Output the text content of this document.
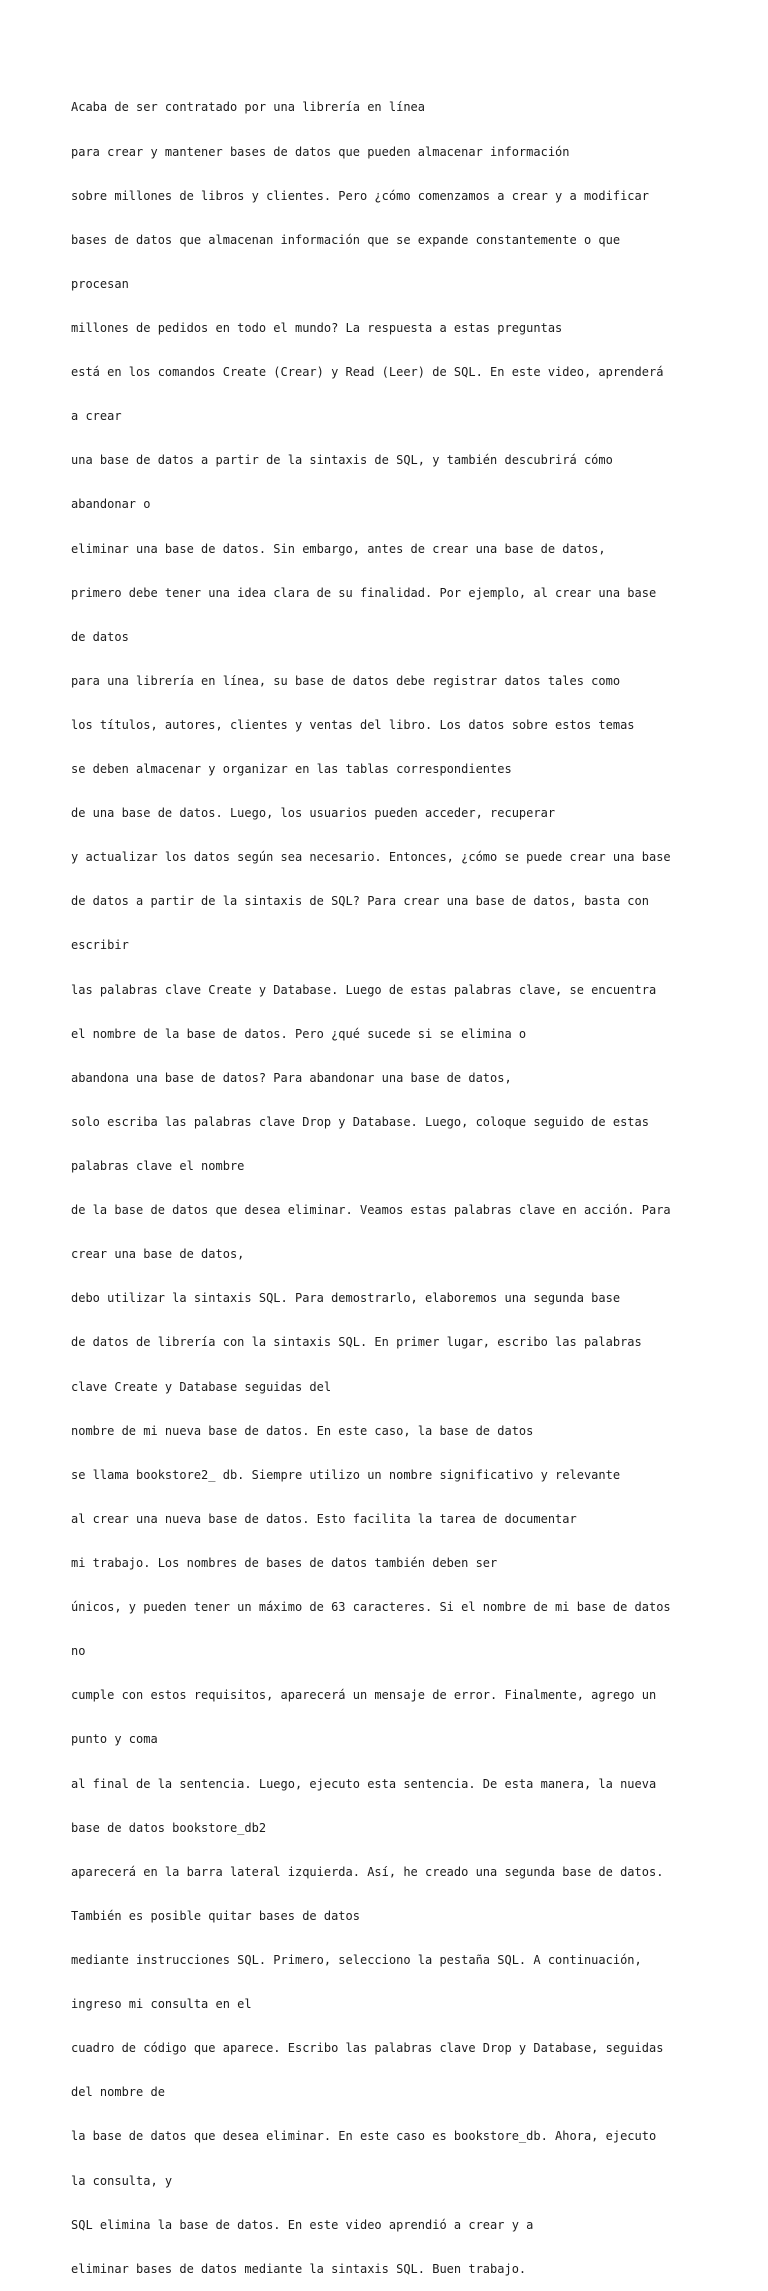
Acaba de ser contratado por una librería en línea

para crear y mantener bases de datos que pueden almacenar información

sobre millones de libros y clientes. Pero ¿cómo comenzamos a crear y a modificar

bases de datos que almacenan información que se expande constantemente o que

procesan

millones de pedidos en todo el mundo? La respuesta a estas preguntas

está en los comandos Create (Crear) y Read (Leer) de SQL. En este video, aprenderá

a crear

una base de datos a partir de la sintaxis de SQL, y también descubrirá cómo

abandonar o

eliminar una base de datos. Sin embargo, antes de crear una base de datos,

primero debe tener una idea clara de su finalidad. Por ejemplo, al crear una base

de datos

para una librería en línea, su base de datos debe registrar datos tales como

los títulos, autores, clientes y ventas del libro. Los datos sobre estos temas

se deben almacenar y organizar en las tablas correspondientes

de una base de datos. Luego, los usuarios pueden acceder, recuperar

y actualizar los datos según sea necesario. Entonces, ¿cómo se puede crear una base

de datos a partir de la sintaxis de SQL? Para crear una base de datos, basta con

escribir

las palabras clave Create y Database. Luego de estas palabras clave, se encuentra

el nombre de la base de datos. Pero ¿qué sucede si se elimina o

abandona una base de datos? Para abandonar una base de datos,

solo escriba las palabras clave Drop y Database. Luego, coloque seguido de estas

palabras clave el nombre

de la base de datos que desea eliminar. Veamos estas palabras clave en acción. Para

crear una base de datos,

debo utilizar la sintaxis SQL. Para demostrarlo, elaboremos una segunda base

de datos de librería con la sintaxis SQL. En primer lugar, escribo las palabras

clave Create y Database seguidas del

nombre de mi nueva base de datos. En este caso, la base de datos

se llama bookstore2_ db. Siempre utilizo un nombre significativo y relevante

al crear una nueva base de datos. Esto facilita la tarea de documentar

mi trabajo. Los nombres de bases de datos también deben ser

únicos, y pueden tener un máximo de 63 caracteres. Si el nombre de mi base de datos

no

cumple con estos requisitos, aparecerá un mensaje de error. Finalmente, agrego un

punto y coma

al final de la sentencia. Luego, ejecuto esta sentencia. De esta manera, la nueva

base de datos bookstore_db2

aparecerá en la barra lateral izquierda. Así, he creado una segunda base de datos.

También es posible quitar bases de datos

mediante instrucciones SQL. Primero, selecciono la pestaña SQL. A continuación,

ingreso mi consulta en el

cuadro de código que aparece. Escribo las palabras clave Drop y Database, seguidas

del nombre de

la base de datos que desea eliminar. En este caso es bookstore_db. Ahora, ejecuto

la consulta, y

SQL elimina la base de datos. En este video aprendió a crear y a

eliminar bases de datos mediante la sintaxis SQL. Buen trabajo.
